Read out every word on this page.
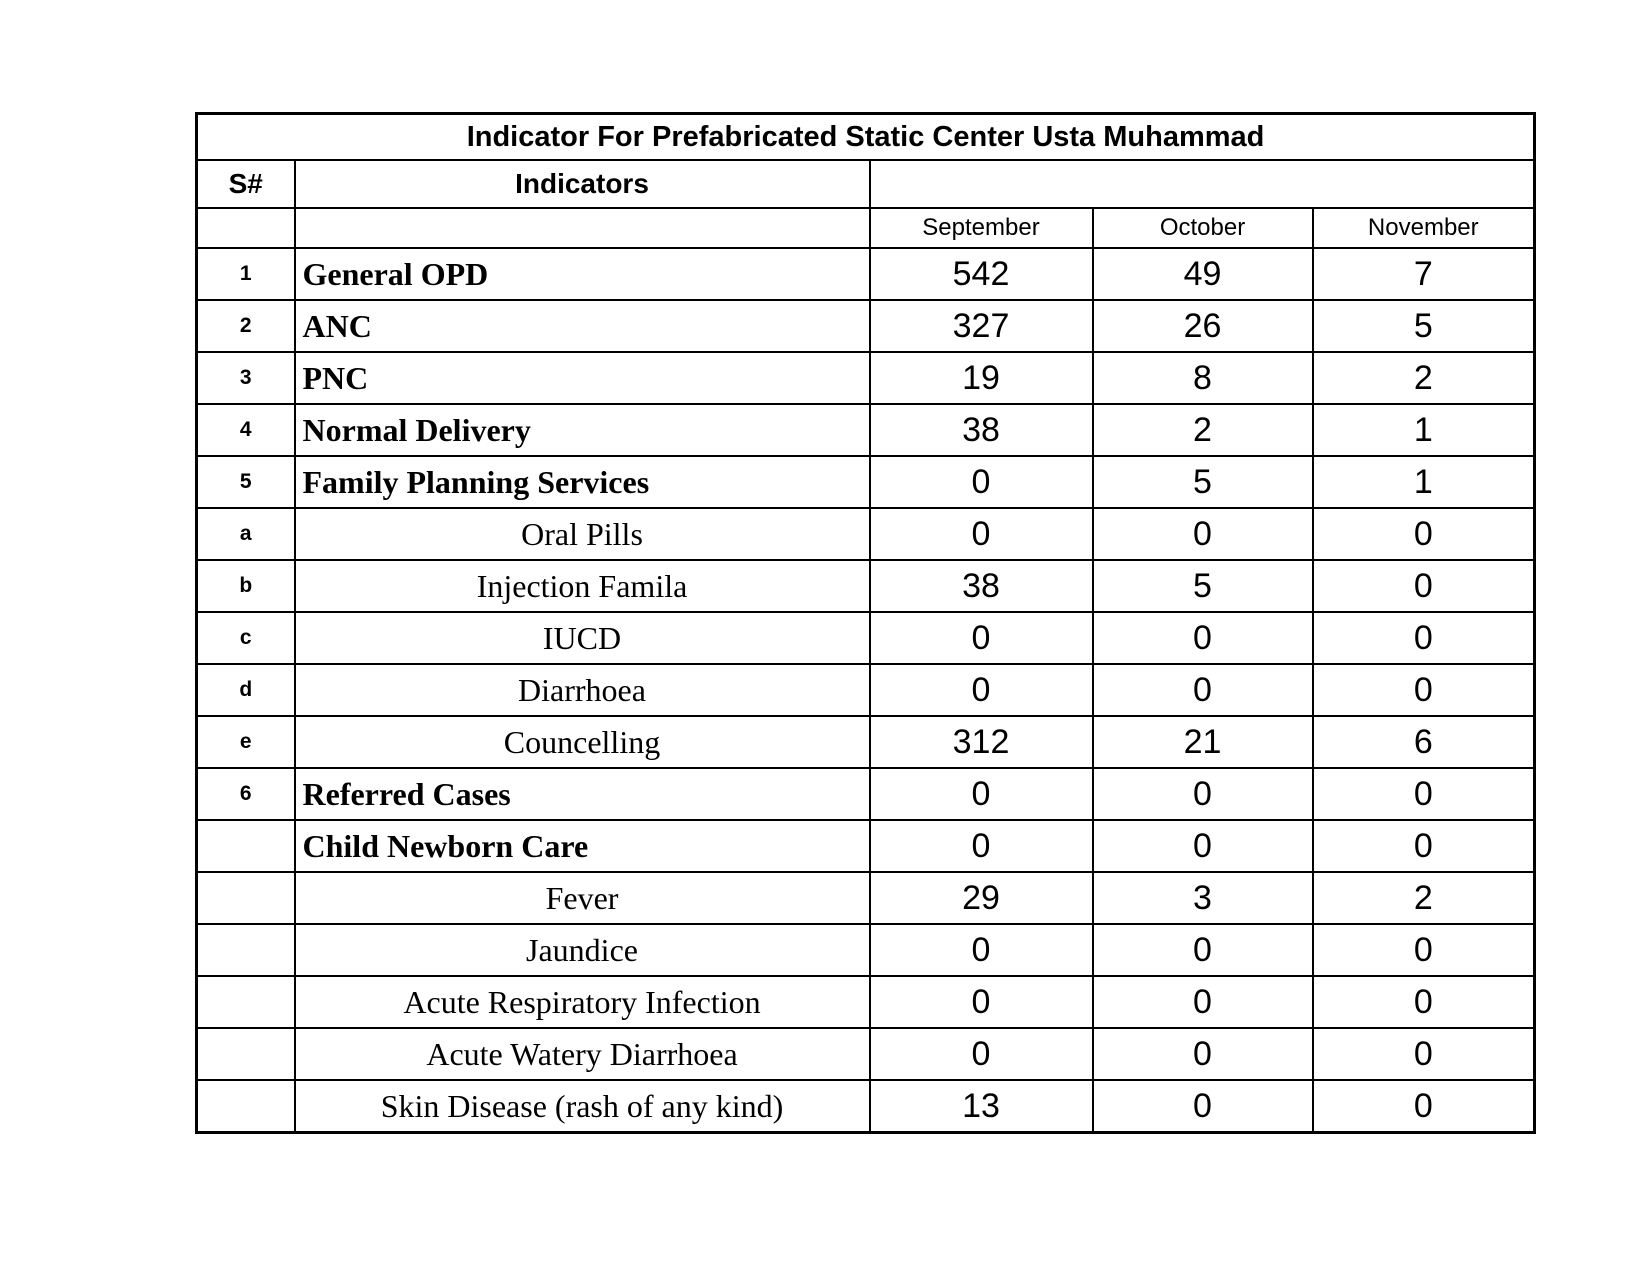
Indicator For Prefabricated Static Center Usta Muhammad				
S#	Indicators			
		September	October	November
1	General OPD	542	49	7
2	ANC	327	26	5
3	PNC	19	8	2
4	Normal Delivery	38	2	1
5	Family Planning Services	0	5	1
a	Oral Pills	0	0	0
b	Injection Famila	38	5	0
c	IUCD	0	0	0
d	Diarrhoea	0	0	0
e	Councelling	312	21	6
6	Referred Cases	0	0	0
	Child Newborn Care	0	0	0
	Fever	29	3	2
	Jaundice	0	0	0
	Acute Respiratory Infection	0	0	0
	Acute Watery Diarrhoea	0	0	0
	Skin Disease (rash of any kind)	13	0	0
